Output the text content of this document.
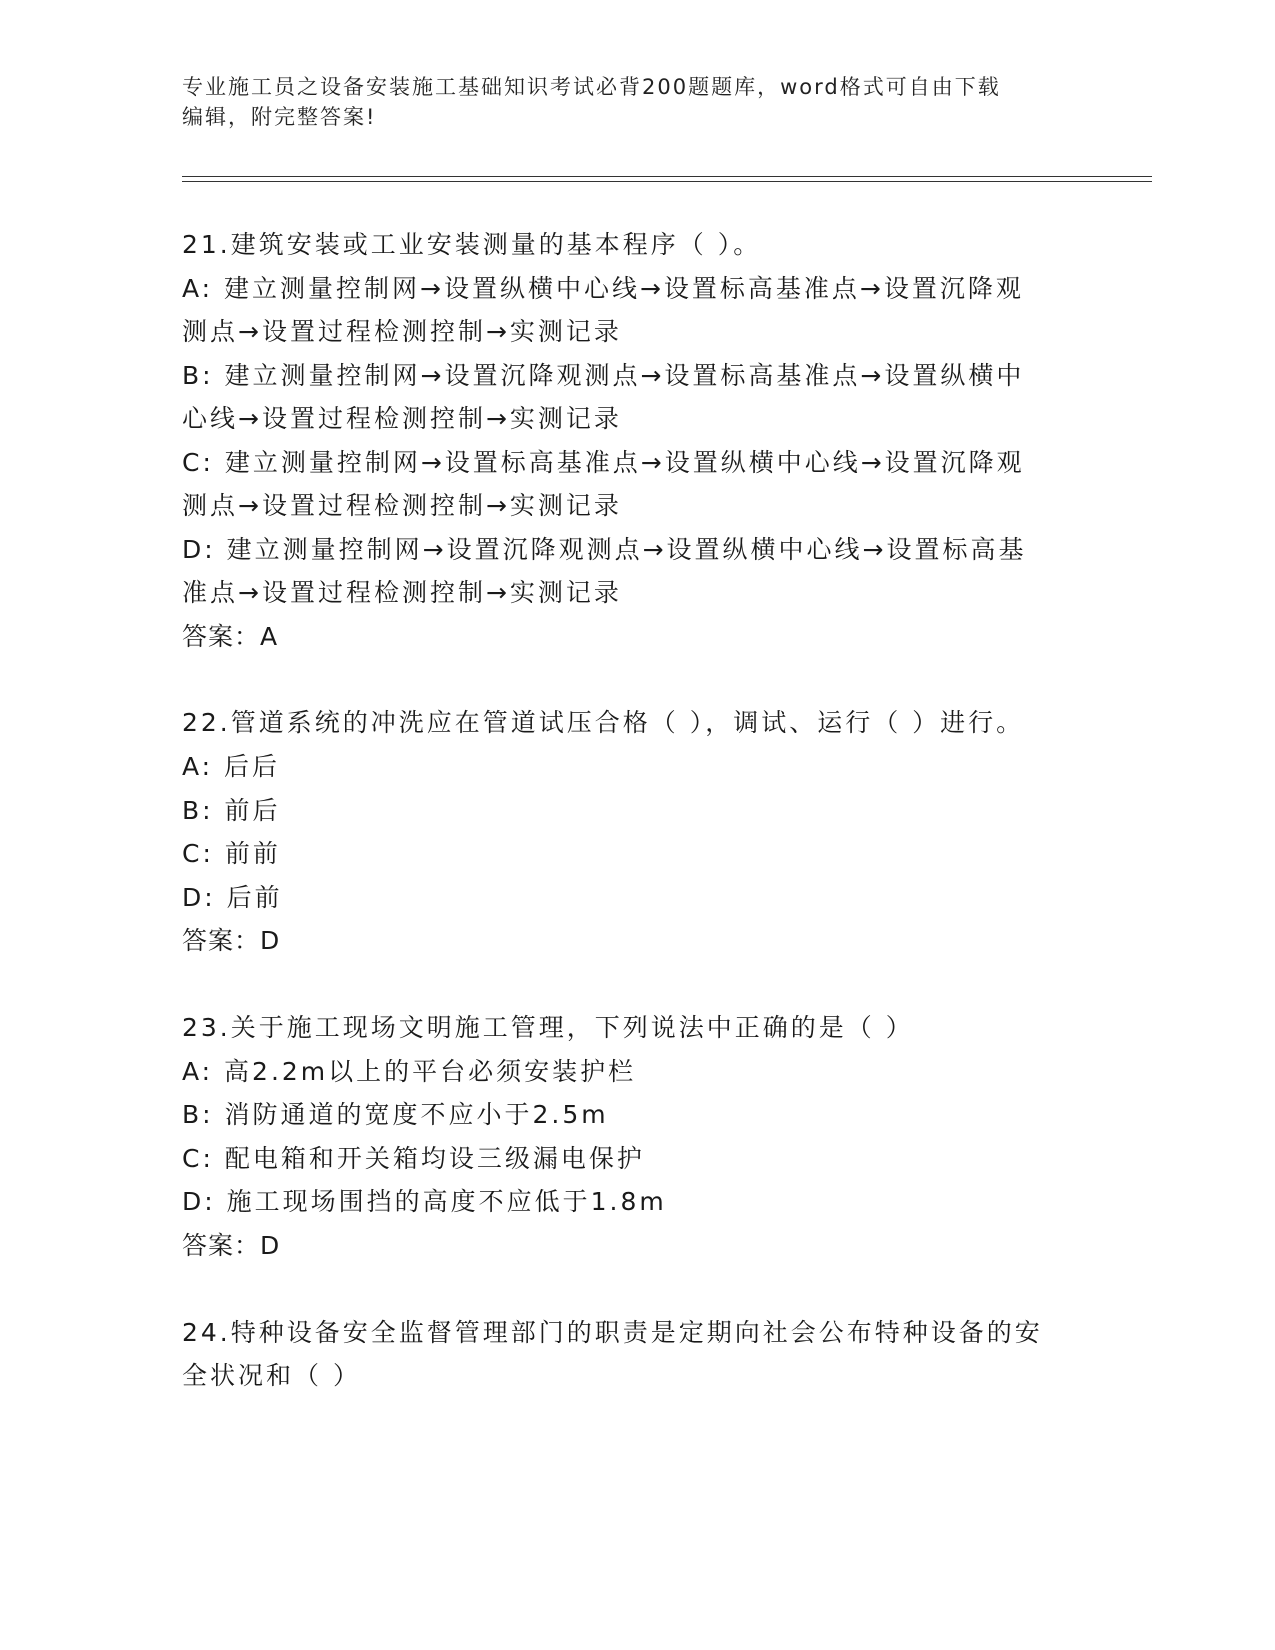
专业施工员之设备安装施工基础知识考试必背200题题库，word格式可自由下载
编辑，附完整答案!
21.建筑安装或工业安装测量的基本程序（ ）。
A: 建立测量控制网→设置纵横中心线→设置标高基准点→设置沉降观
测点→设置过程检测控制→实测记录
B: 建立测量控制网→设置沉降观测点→设置标高基准点→设置纵横中
心线→设置过程检测控制→实测记录
C: 建立测量控制网→设置标高基准点→设置纵横中心线→设置沉降观
测点→设置过程检测控制→实测记录
D: 建立测量控制网→设置沉降观测点→设置纵横中心线→设置标高基
准点→设置过程检测控制→实测记录
答案：A
22.管道系统的冲洗应在管道试压合格（ ），调试、运行（ ）进行。
A: 后后
B: 前后
C: 前前
D: 后前
答案：D
23.关于施工现场文明施工管理，下列说法中正确的是（ ）
A: 高2.2m以上的平台必须安装护栏
B: 消防通道的宽度不应小于2.5m
C: 配电箱和开关箱均设三级漏电保护
D: 施工现场围挡的高度不应低于1.8m
答案：D
24.特种设备安全监督管理部门的职责是定期向社会公布特种设备的安
全状况和（ ）
